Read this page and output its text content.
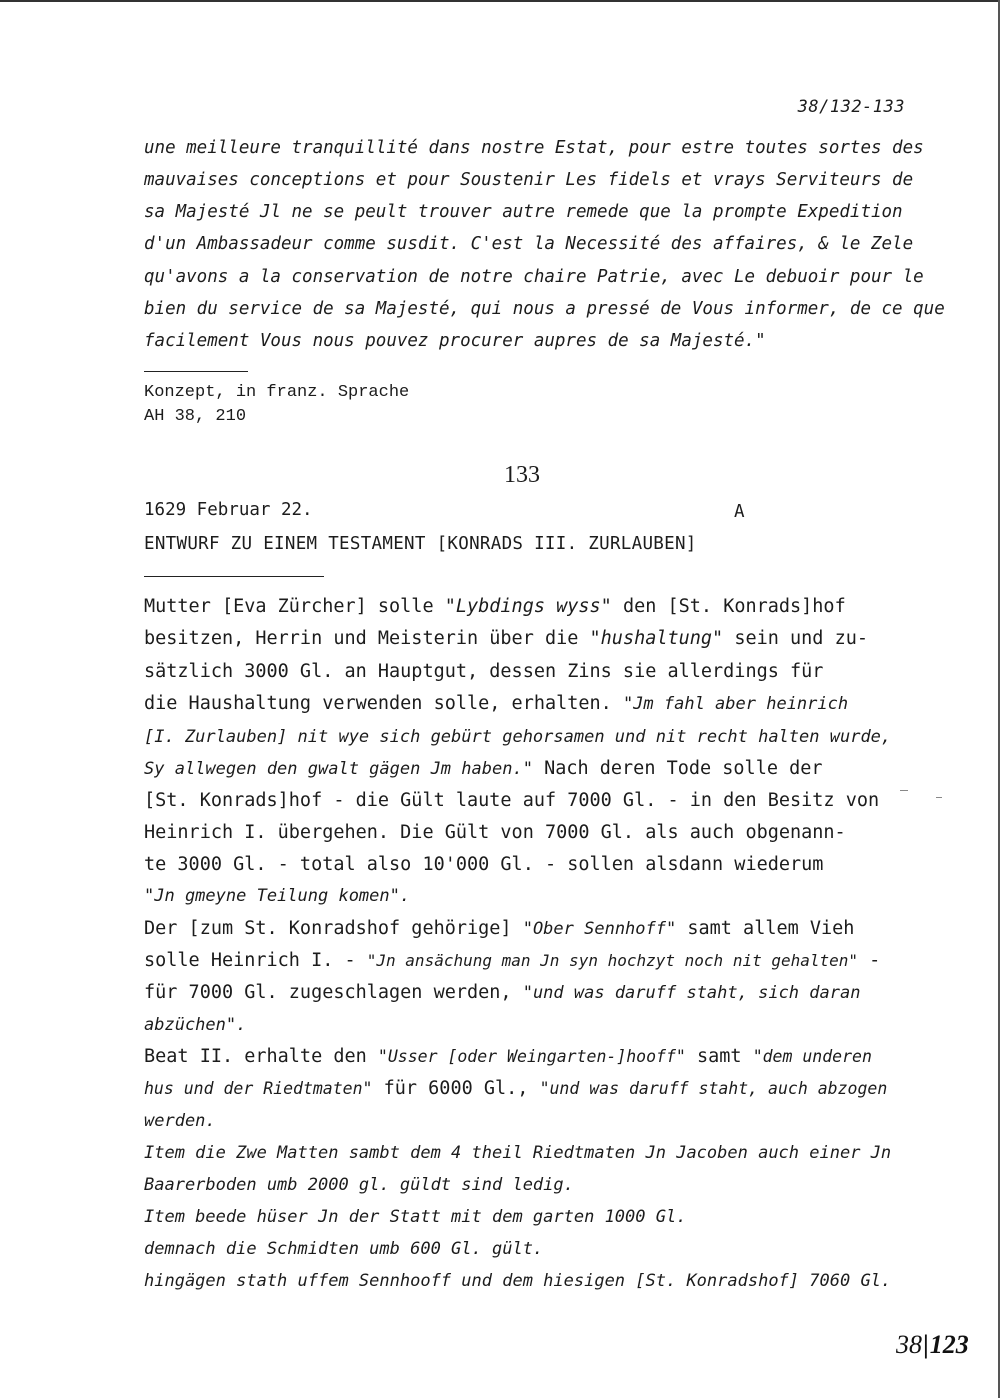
38/132-133
une meilleure tranquillité dans nostre Estat, pour estre toutes sortes des
mauvaises conceptions et pour Soustenir Les fidels et vrays Serviteurs de
sa Majesté Jl ne se peult trouver autre remede que la prompte Expedition
d'un Ambassadeur comme susdit. C'est la Necessité des affaires, & le Zele
qu'avons a la conservation de notre chaire Patrie, avec Le debuoir pour le
bien du service de sa Majesté, qui nous a pressé de Vous informer, de ce que
facilement Vous nous pouvez procurer aupres de sa Majesté."
Konzept, in franz. Sprache
AH 38, 210
133
1629 Februar 22.	A
ENTWURF ZU EINEM TESTAMENT [KONRADS III. ZURLAUBEN]
Mutter [Eva Zürcher] solle "Lybdings wyss" den [St. Konrads]hof
besitzen, Herrin und Meisterin über die "hushaltung" sein und zu-
sätzlich 3000 Gl. an Hauptgut, dessen Zins sie allerdings für
die Haushaltung verwenden solle, erhalten. "Jm fahl aber heinrich
[I. Zurlauben] nit wye sich gebürt gehorsamen und nit recht halten wurde,
Sy allwegen den gwalt gägen Jm haben." Nach deren Tode solle der
[St. Konrads]hof - die Gült laute auf 7000 Gl. - in den Besitz von
Heinrich I. übergehen. Die Gült von 7000 Gl. als auch obgenann-
te 3000 Gl. - total also 10'000 Gl. - sollen alsdann wiederum
"Jn gmeyne Teilung komen".
Der [zum St. Konradshof gehörige] "Ober Sennhoff" samt allem Vieh
solle Heinrich I. - "Jn ansächung man Jn syn hochzyt noch nit gehalten" -
für 7000 Gl. zugeschlagen werden, "und was daruff staht, sich daran
abzüchen".
Beat II. erhalte den "Usser [oder Weingarten-]hooff" samt "dem underen
hus und der Riedtmaten" für 6000 Gl., "und was daruff staht, auch abzogen
werden.
Item die Zwe Matten sambt dem 4 theil Riedtmaten Jn Jacoben auch einer Jn
Baarerboden umb 2000 gl. güldt sind ledig.
Item beede hüser Jn der Statt mit dem garten 1000 Gl.
demnach die Schmidten umb 600 Gl. gült.
hingägen stath uffem Sennhooff und dem hiesigen [St. Konradshof] 7060 Gl.
38|123
